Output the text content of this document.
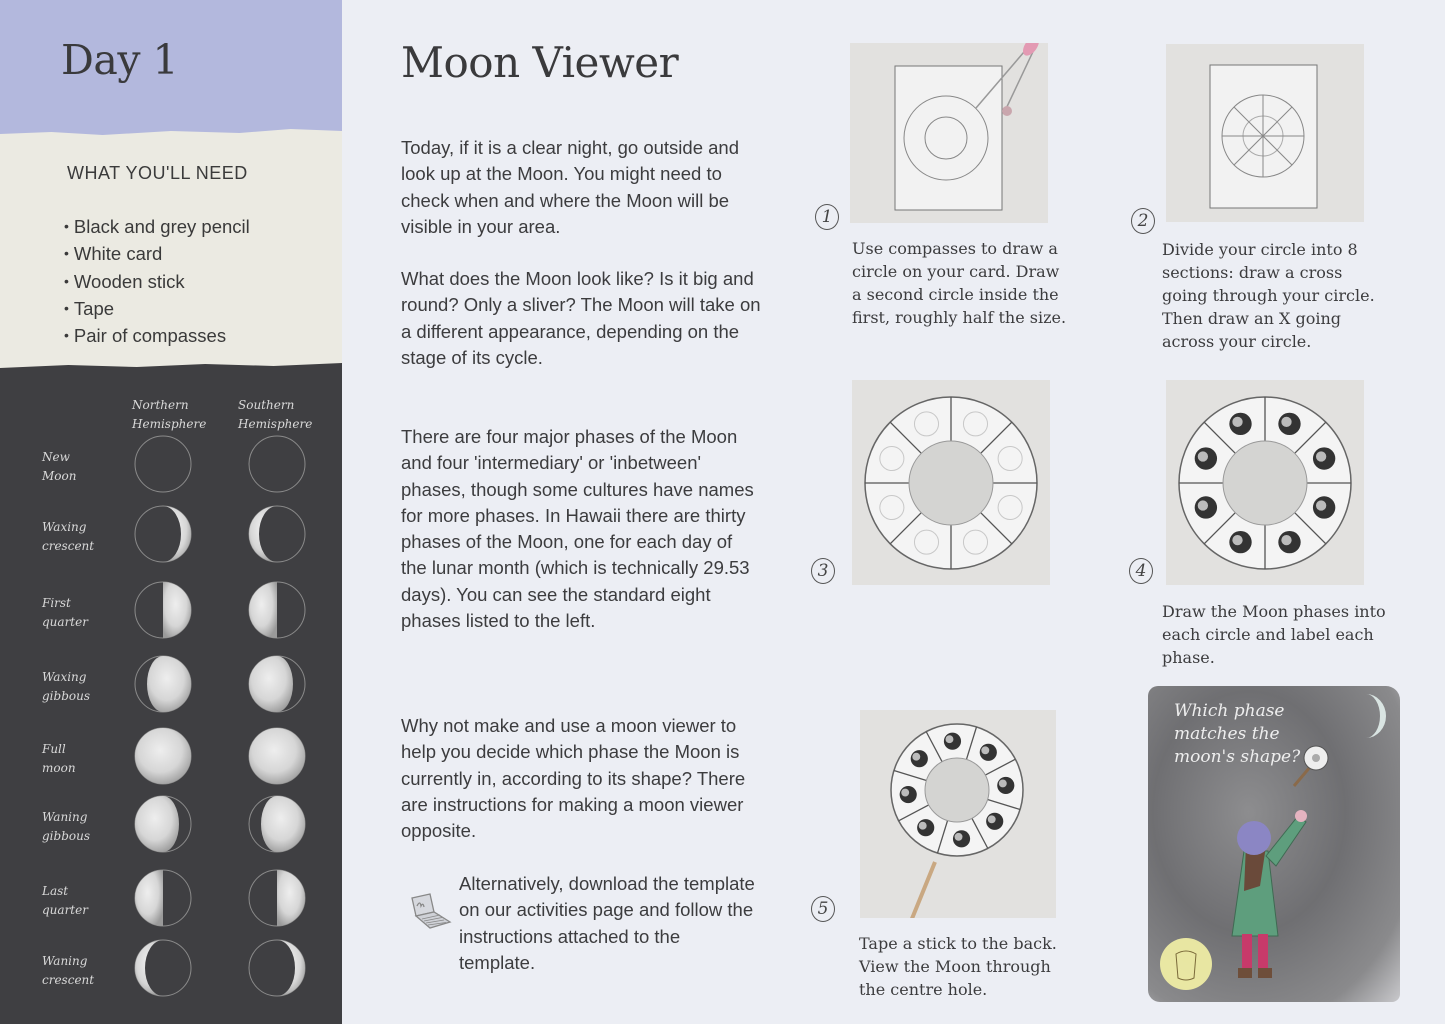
Day 1
WHAT YOU'LL NEED
• Black and grey pencil
• White card
• Wooden stick
• Tape
• Pair of compasses
Northern
Hemisphere
Southern
Hemisphere
New
Moon
Waxing
crescent
First
quarter
Waxing
gibbous
Full
moon
Waning
gibbous
Last
quarter
Waning
crescent
Moon Viewer

Today, if it is a clear night, go outside and look up at the Moon. You might need to check when and where the Moon will be visible in your area.

What does the Moon look like? Is it big and round? Only a sliver? The Moon will take on a different appearance, depending on the stage of its cycle.

There are four major phases of the Moon and four 'intermediary' or 'inbetween' phases, though some cultures have names for more phases. In Hawaii there are thirty phases of the Moon, one for each day of the lunar month (which is technically 29.53 days). You can see the standard eight phases listed to the left.

Why not make and use a moon viewer to help you decide which phase the Moon is currently in, according to its shape? There are instructions for making a moon viewer opposite.

Alternatively, download the template on our activities page and follow the instructions attached to the template.

1

Use compasses to draw a circle on your card. Draw a second circle inside the first, roughly half the size.

2

Divide your circle into 8 sections: draw a cross going through your circle. Then draw an X going across your circle.

3	4

Draw the Moon phases into each circle and label each phase.

5

Tape a stick to the back. View the Moon through the centre hole.

Which phase
matches the
moon's shape?
